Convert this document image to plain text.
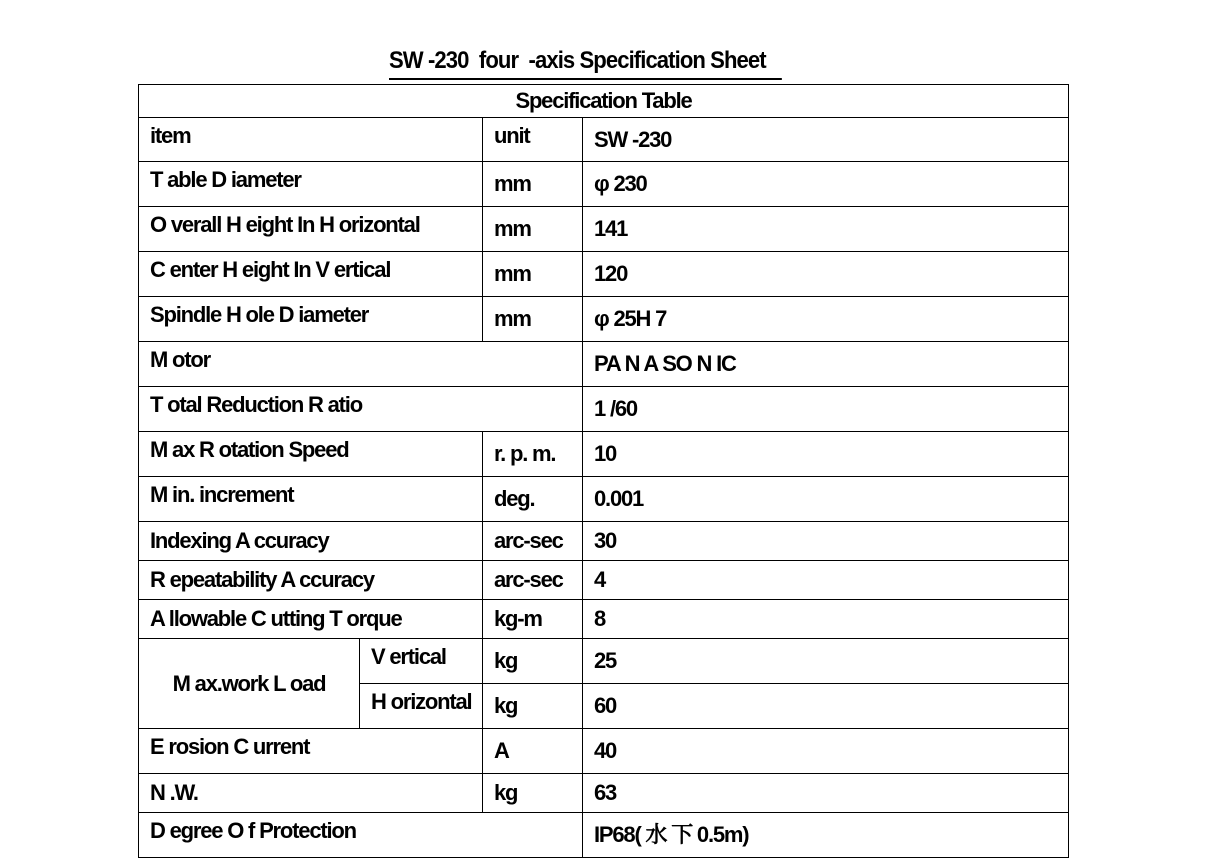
SW -230  four  -axis Specification Sheet
Specification Table			
item		unit	SW -230
T able D iameter		mm	φ 230
O verall H eight In H orizontal		mm	141
C enter H eight In V ertical		mm	120
Spindle H ole D iameter		mm	φ 25H 7
M otor			PA N A SO N IC
T otal Reduction R atio			1 /60
M ax R otation Speed		r. p. m.	10
M in. increment		deg.	0.001
Indexing A ccuracy		arc-sec	30
R epeatability A ccuracy		arc-sec	4
A llowable C utting T orque		kg-m	8
M ax.work L oad	V ertical	kg	25
	H orizontal	kg	60
E rosion C urrent		A	40
N .W.		kg	63
D egree O f Protection			IP68( 水 下 0.5m)
